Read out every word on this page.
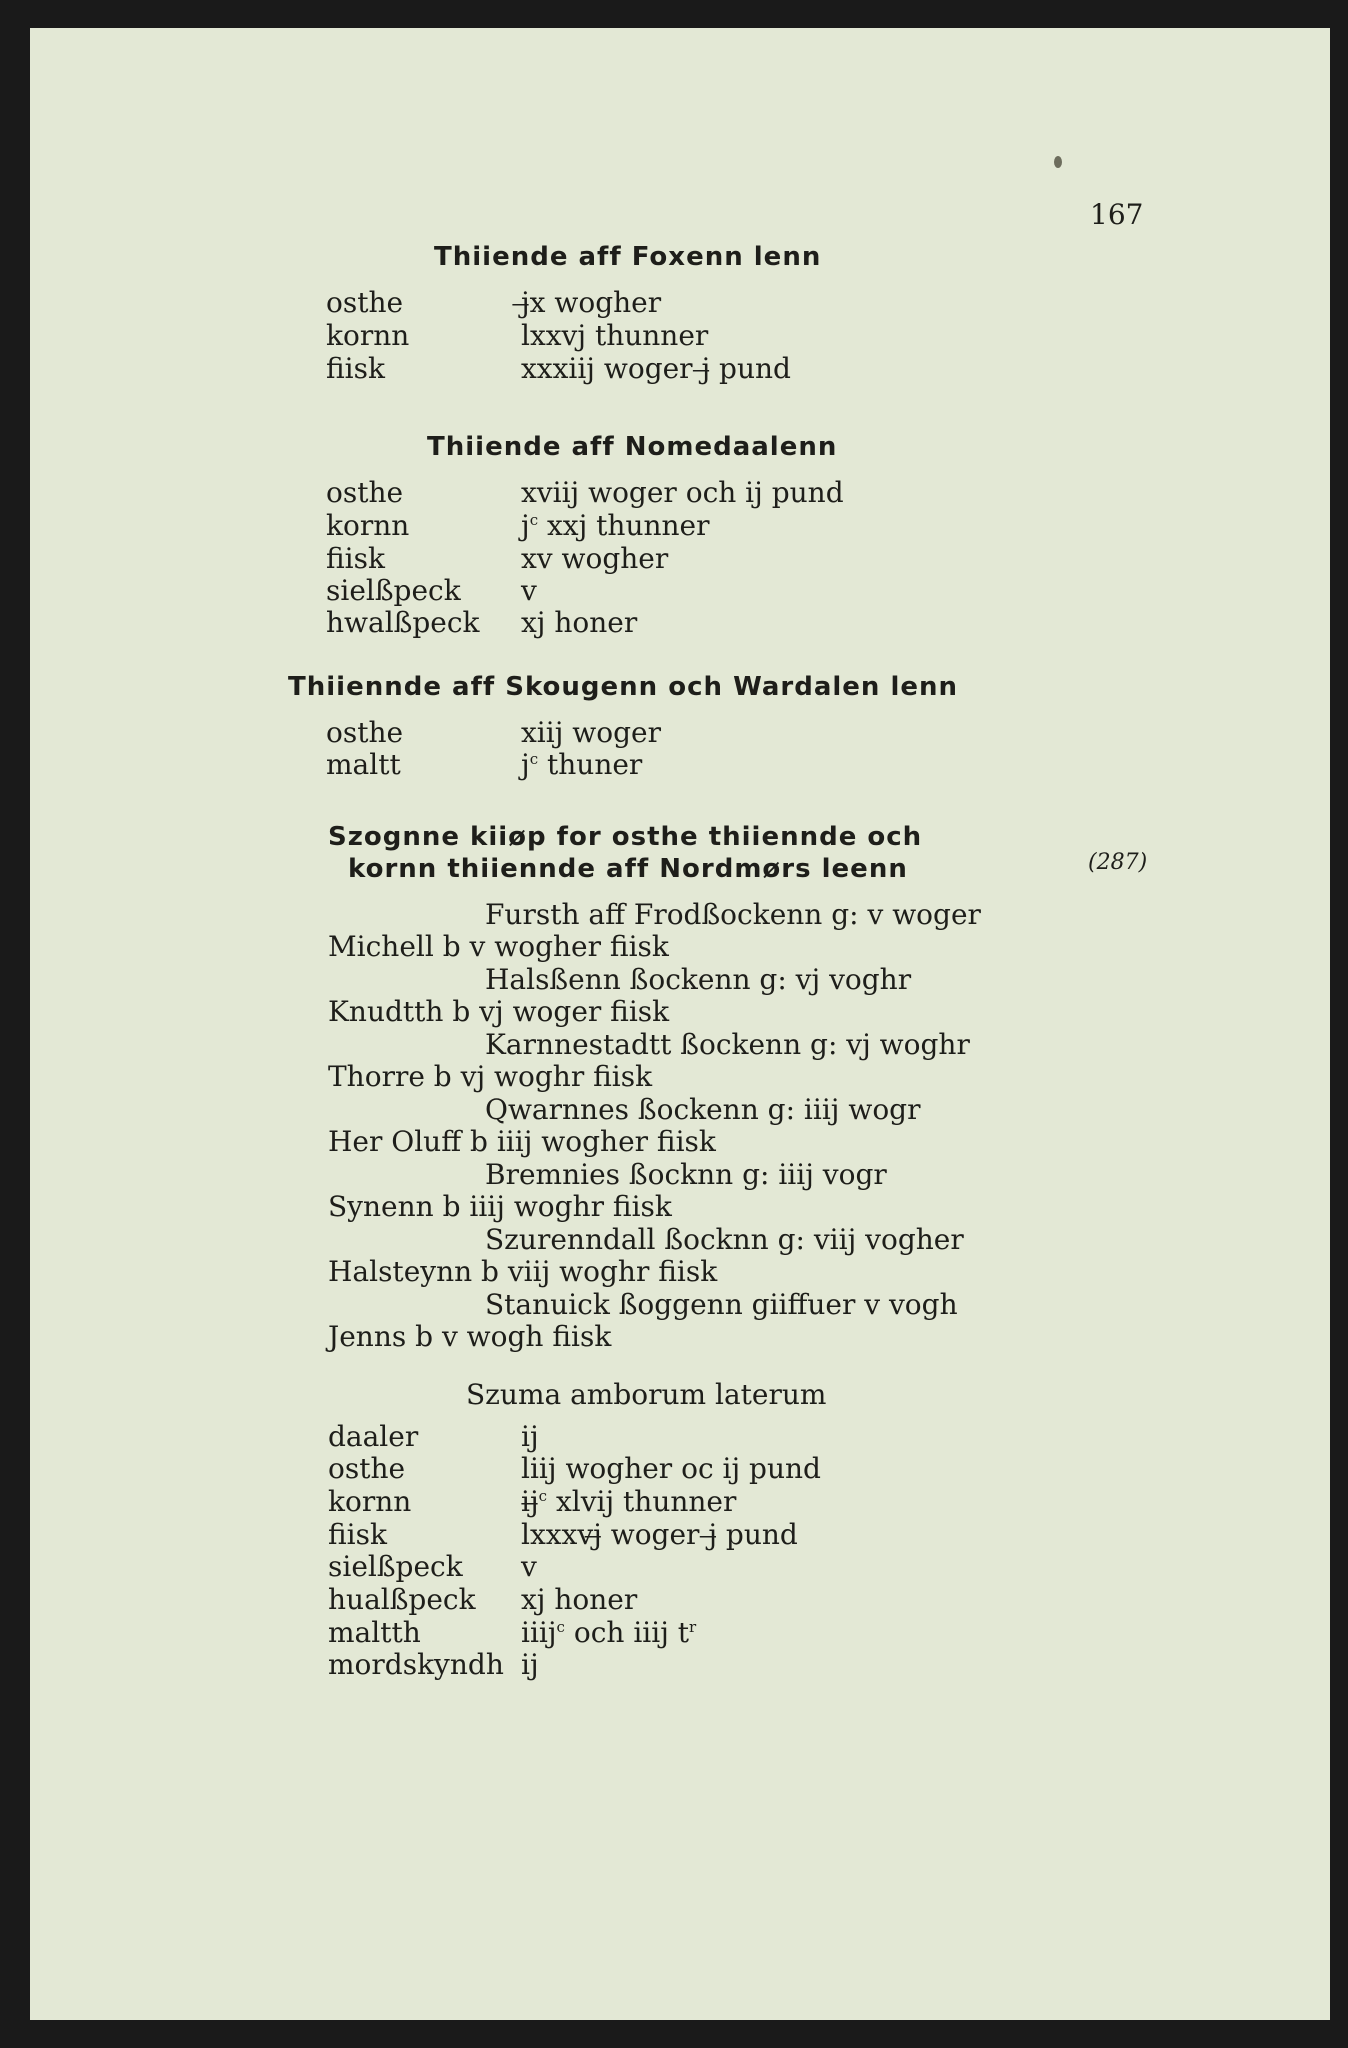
167
Thiiende aff Foxenn lenn
osthe	j̶x wogher
kornn	lxxvj thunner
fiisk	xxxiij woger j̶ pund
Thiiende aff Nomedaalenn
osthe	xviij woger och ij pund
kornn	$j^c$ xxj thunner
fiisk	xv wogher
sielßpeck v
hwalßpeck xj honer
Thiiennde aff Skougenn och Wardalen lenn
osthe	xiij woger
maltt	$j^c$ thuner
Szognne kiiøp for osthe thiiennde och
kornn thiiennde aff Nordmørs leenn	(287)
Fursth aff Frodßockenn g: v woger
Michell b v wogher fiisk
Halsßenn ßockenn g: vj voghr
Knudtth b vj woger fiisk
Karnnestadtt ßockenn g: vj woghr
Thorre b vj woghr fiisk
Qwarnnes ßockenn g: iiij wogr
Her Oluff b iiij wogher fiisk
Bremnies ßocknn g: iiij vogr
Synenn b iiij woghr fiisk
Szurenndall ßocknn g: viij vogher
Halsteynn b viij woghr fiisk
Stanuick ßoggenn giiffuer v vogh
Jenns b v wogh fiisk
Szuma amborum laterum
daaler	ij
osthe	liij wogher oc ij pund
kornn	ij̶$^c$ xlvij thunner
fiisk	lxxxvj̶ woger j̶ pund
sielßpeck v
hualßpeck xj honer
maltth	iiij$^c$ och iiij $t^r$
mordskyndh ij
